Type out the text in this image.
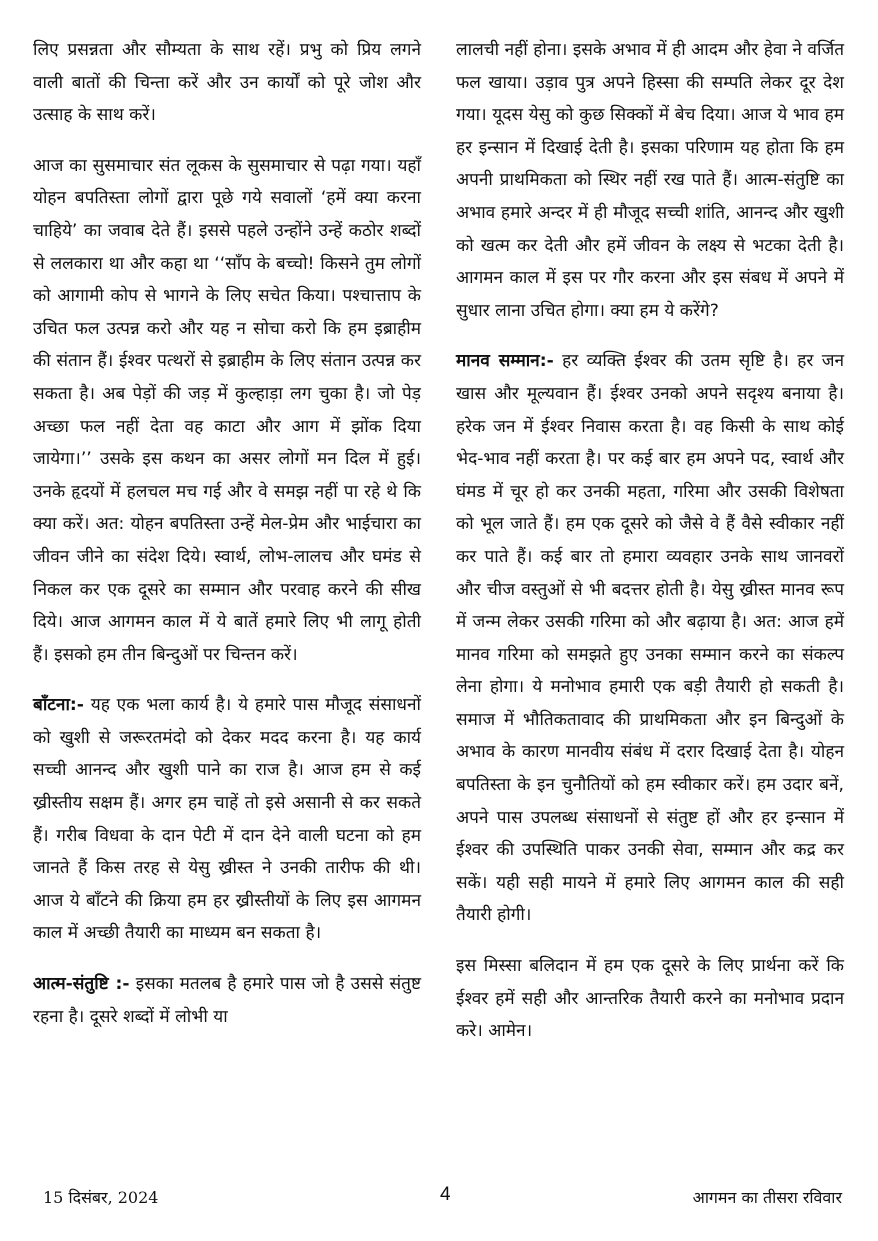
लिए प्रसन्नता और सौम्यता के साथ रहें। प्रभु को प्रिय लगने वाली बातों की चिन्ता करें और उन कार्यों को पूरे जोश और उत्साह के साथ करें।

आज का सुसमाचार संत लूकस के सुसमाचार से पढ़ा गया। यहाँ योहन बपतिस्ता लोगों द्वारा पूछे गये सवालों ‘हमें क्या करना चाहिये’ का जवाब देते हैं। इससे पहले उन्होंने उन्हें कठोर शब्दों से ललकारा था और कहा था ‘‘साँप के बच्चो! किसने तुम लोगों को आगामी कोप से भागने के लिए सचेत किया। पश्चात्ताप के उचित फल उत्पन्न करो और यह न सोचा करो कि हम इब्राहीम की संतान हैं। ईश्वर पत्थरों से इब्राहीम के लिए संतान उत्पन्न कर सकता है। अब पेड़ों की जड़ में कुल्हाड़ा लग चुका है। जो पेड़ अच्छा फल नहीं देता वह काटा और आग में झोंक दिया जायेगा।’’ उसके इस कथन का असर लोगों मन दिल में हुई। उनके हृदयों में हलचल मच गई और वे समझ नहीं पा रहे थे कि क्या करें। अत: योहन बपतिस्ता उन्हें मेल-प्रेम और भाईचारा का जीवन जीने का संदेश दिये। स्वार्थ, लोभ-लालच और घमंड से निकल कर एक दूसरे का सम्मान और परवाह करने की सीख दिये। आज आगमन काल में ये बातें हमारे लिए भी लागू होती हैं। इसको हम तीन बिन्दुओं पर चिन्तन करें।

बाँटना:- यह एक भला कार्य है। ये हमारे पास मौजूद संसाधनों को खुशी से जरूरतमंदो को देकर मदद करना है। यह कार्य सच्ची आनन्द और खुशी पाने का राज है। आज हम से कई ख्रीस्तीय सक्षम हैं। अगर हम चाहें तो इसे असानी से कर सकते हैं। गरीब विधवा के दान पेटी में दान देने वाली घटना को हम जानते हैं किस तरह से येसु ख्रीस्त ने उनकी तारीफ की थी। आज ये बाँटने की क्रिया हम हर ख्रीस्तीयों के लिए इस आगमन काल में अच्छी तैयारी का माध्यम बन सकता है।

आत्म-संतुष्टि :- इसका मतलब है हमारे पास जो है उससे संतुष्ट रहना है। दूसरे शब्दों में लोभी या

लालची नहीं होना। इसके अभाव में ही आदम और हेवा ने वर्जित फल खाया। उड़ाव पुत्र अपने हिस्सा की सम्पति लेकर दूर देश गया। यूदस येसु को कुछ सिक्कों में बेच दिया। आज ये भाव हम हर इन्सान में दिखाई देती है। इसका परिणाम यह होता कि हम अपनी प्राथमिकता को स्थिर नहीं रख पाते हैं। आत्म-संतुष्टि का अभाव हमारे अन्दर में ही मौजूद सच्ची शांति, आनन्द और खुशी को खत्म कर देती और हमें जीवन के लक्ष्य से भटका देती है। आगमन काल में इस पर गौर करना और इस संबध में अपने में सुधार लाना उचित होगा। क्या हम ये करेंगे?

मानव सम्मान:- हर व्यक्ति ईश्वर की उतम सृष्टि है। हर जन खास और मूल्यवान हैं। ईश्वर उनको अपने सदृश्य बनाया है। हरेक जन में ईश्वर निवास करता है। वह किसी के साथ कोई भेद-भाव नहीं करता है। पर कई बार हम अपने पद, स्वार्थ और घंमड में चूर हो कर उनकी महता, गरिमा और उसकी विशेषता को भूल जाते हैं। हम एक दूसरे को जैसे वे हैं वैसे स्वीकार नहीं कर पाते हैं। कई बार तो हमारा व्यवहार उनके साथ जानवरों और चीज वस्तुओं से भी बदत्तर होती है। येसु ख्रीस्त मानव रूप में जन्म लेकर उसकी गरिमा को और बढ़ाया है। अत: आज हमें मानव गरिमा को समझते हुए उनका सम्मान करने का संकल्प लेना होगा। ये मनोभाव हमारी एक बड़ी तैयारी हो सकती है। समाज में भौतिकतावाद की प्राथमिकता और इन बिन्दुओं के अभाव के कारण मानवीय संबंध में दरार दिखाई देता है। योहन बपतिस्ता के इन चुनौतियों को हम स्वीकार करें। हम उदार बनें, अपने पास उपलब्ध संसाधनों से संतुष्ट हों और हर इन्सान में ईश्वर की उपस्थिति पाकर उनकी सेवा, सम्मान और कद्र कर सकें। यही सही मायने में हमारे लिए आगमन काल की सही तैयारी होगी।

इस मिस्सा बलिदान में हम एक दूसरे के लिए प्रार्थना करें कि ईश्वर हमें सही और आन्तरिक तैयारी करने का मनोभाव प्रदान करे। आमेन।

15 दिसंबर, 2024	4	आगमन का तीसरा रविवार
